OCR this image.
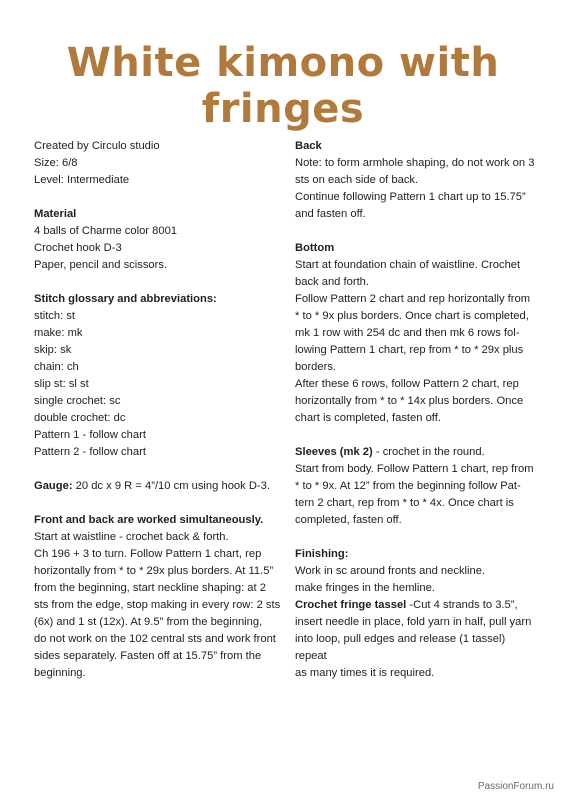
White kimono with fringes

Created by Circulo studio

Size: 6/8

Level: Intermediate

Material

4 balls of Charme color 8001

Crochet hook D-3

Paper, pencil and scissors.

Stitch glossary and abbreviations:

stitch: st

make: mk

skip: sk

chain: ch

slip st: sl st

single crochet: sc

double crochet: dc

Pattern 1 - follow chart

Pattern 2 - follow chart

Gauge: 20 dc x 9 R = 4”/10 cm using hook D-3.

Front and back are worked simultaneously.

Start at waistline - crochet back & forth.

Ch 196 + 3 to turn. Follow Pattern 1 chart, rep

horizontally from * to * 29x plus borders. At 11.5”

from the beginning, start neckline shaping: at 2

sts from the edge, stop making in every row: 2 sts

(6x) and 1 st (12x). At 9.5” from the beginning,

do not work on the 102 central sts and work front

sides separately. Fasten off at 15.75” from the

beginning.

Back

Note: to form armhole shaping, do not work on 3

sts on each side of back.

Continue following Pattern 1 chart up to 15.75”

and fasten off.

Bottom

Start at foundation chain of waistline. Crochet

back and forth.

Follow Pattern 2 chart and rep horizontally from

* to * 9x plus borders. Once chart is completed,

mk 1 row with 254 dc and then mk 6 rows fol-

lowing Pattern 1 chart, rep from * to * 29x plus

borders.

After these 6 rows, follow Pattern 2 chart, rep

horizontally from * to * 14x plus borders. Once

chart is completed, fasten off.

Sleeves (mk 2) - crochet in the round.

Start from body. Follow Pattern 1 chart, rep from

* to * 9x. At 12” from the beginning follow Pat-

tern 2 chart, rep from * to * 4x. Once chart is

completed, fasten off.

Finishing:

Work in sc around fronts and neckline.

make fringes in the hemline.

Crochet fringe tassel -Cut 4 strands to 3.5”,

insert needle in place, fold yarn in half, pull yarn

into loop, pull edges and release (1 tassel) repeat

as many times it is required.

PassionForum.ru
